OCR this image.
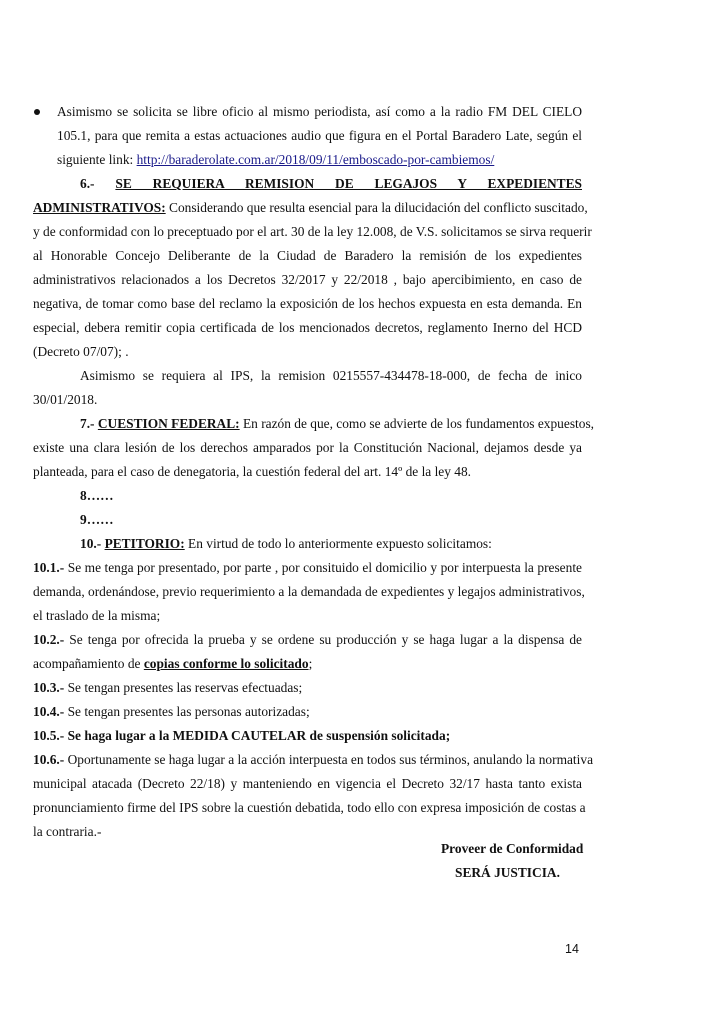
Asimismo se solicita se libre oficio al mismo periodista, así como a la radio FM DEL CIELO
105.1, para que remita a estas actuaciones audio que figura en el Portal Baradero Late, según el
siguiente link: http://baraderolate.com.ar/2018/09/11/emboscado-por-cambiemos/
6.- SE REQUIERA REMISION DE LEGAJOS Y EXPEDIENTES
ADMINISTRATIVOS: Considerando que resulta esencial para la dilucidación del conflicto suscitado,
y de conformidad con lo preceptuado por el art. 30 de la ley 12.008, de V.S. solicitamos se sirva requerir
al Honorable Concejo Deliberante de la Ciudad de Baradero la remisión de los expedientes
administrativos relacionados a los Decretos 32/2017 y 22/2018 , bajo apercibimiento, en caso de
negativa, de tomar como base del reclamo la exposición de los hechos expuesta en esta demanda. En
especial, debera remitir copia certificada de los mencionados decretos, reglamento Inerno del HCD
(Decreto 07/07); .
Asimismo se requiera al IPS, la remision 0215557-434478-18-000, de fecha de inico
30/01/2018.
7.- CUESTION FEDERAL: En razón de que, como se advierte de los fundamentos expuestos,
existe una clara lesión de los derechos amparados por la Constitución Nacional, dejamos desde ya
planteada, para el caso de denegatoria, la cuestión federal del art. 14º de la ley 48.
8……
9……
10.- PETITORIO: En virtud de todo lo anteriormente expuesto solicitamos:
10.1.- Se me tenga por presentado, por parte , por consituido el domicilio y por interpuesta la presente
demanda, ordenándose, previo requerimiento a la demandada de expedientes y legajos administrativos,
el traslado de la misma;
10.2.- Se tenga por ofrecida la prueba y se ordene su producción y se haga lugar a la dispensa de
acompañamiento de copias conforme lo solicitado;
10.3.- Se tengan presentes las reservas efectuadas;
10.4.- Se tengan presentes las personas autorizadas;
10.5.- Se haga lugar a la MEDIDA CAUTELAR de suspensión solicitada;
10.6.- Oportunamente se haga lugar a la acción interpuesta en todos sus términos, anulando la normativa
municipal atacada (Decreto 22/18) y manteniendo en vigencia el Decreto 32/17 hasta tanto exista
pronunciamiento firme del IPS sobre la cuestión debatida, todo ello con expresa imposición de costas a
la contraria.-
Proveer de Conformidad
SERÁ JUSTICIA.
14
